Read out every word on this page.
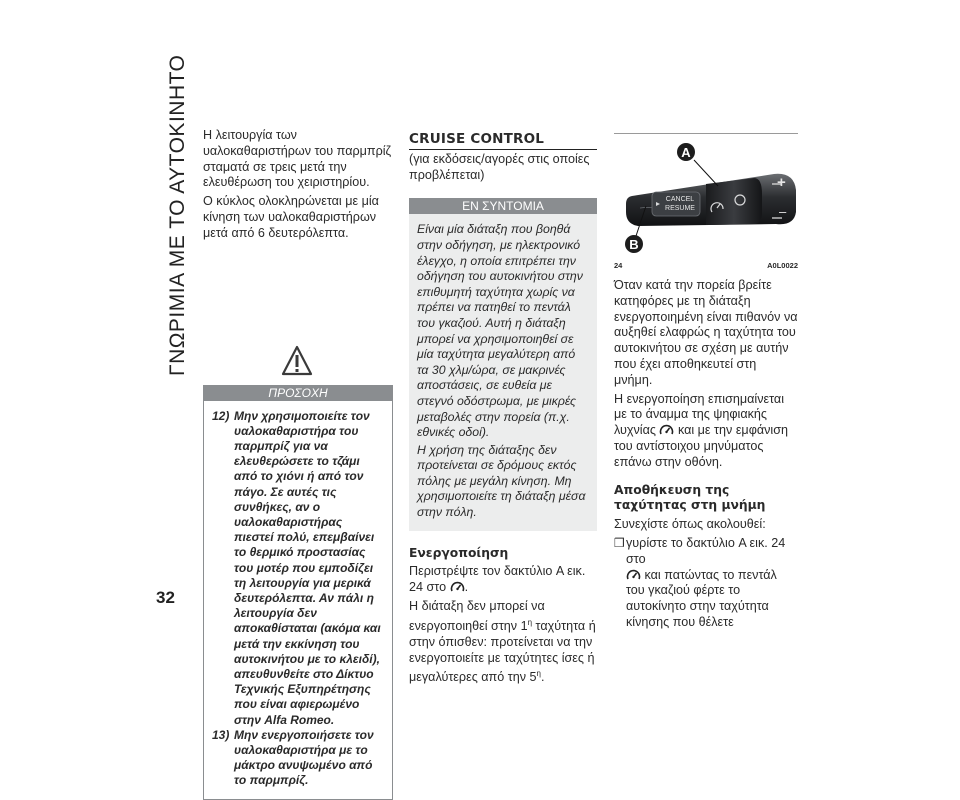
ΓΝΩΡΙΜΙΑ ΜΕ ΤΟ ΑΥΤΟΚΙΝΗΤΟ
32

Η λειτουργία των υαλοκαθαριστήρων του παρμπρίζ σταματά σε τρεις μετά την ελευθέρωση του χειριστηρίου.

Ο κύκλος ολοκληρώνεται με μία κίνηση των υαλοκαθαριστήρων μετά από 6 δευτερόλεπτα.

ΠΡΟΣΟΧΗ
12) Μην χρησιμοποιείτε τον υαλοκαθαριστήρα του παρμπρίζ για να ελευθερώσετε το τζάμι από το χιόνι ή από τον πάγο. Σε αυτές τις συνθήκες, αν ο υαλοκαθαριστήρας πιεστεί πολύ, επεμβαίνει το θερμικό προστασίας του μοτέρ που εμποδίζει τη λειτουργία για μερικά δευτερόλεπτα. Αν πάλι η λειτουργία δεν αποκαθίσταται (ακόμα και μετά την εκκίνηση του αυτοκινήτου με το κλειδί), απευθυνθείτε στο Δίκτυο Τεχνικής Εξυπηρέτησης που είναι αφιερωμένο στην Alfa Romeo.
13) Μην ενεργοποιήσετε τον υαλοκαθαριστήρα με το μάκτρο ανυψωμένο από το παρμπρίζ.
CRUISE CONTROL

(για εκδόσεις/αγορές στις οποίες προβλέπεται)

ΕΝ ΣΥΝΤΟΜΙΑ

Είναι μία διάταξη που βοηθά στην οδήγηση, με ηλεκτρονικό έλεγχο, η οποία επιτρέπει την οδήγηση του αυτοκινήτου στην επιθυμητή ταχύτητα χωρίς να πρέπει να πατηθεί το πεντάλ του γκαζιού. Αυτή η διάταξη μπορεί να χρησιμοποιηθεί σε μία ταχύτητα μεγαλύτερη από τα 30 χλμ/ώρα, σε μακρινές αποστάσεις, σε ευθεία με στεγνό οδόστρωμα, με μικρές μεταβολές στην πορεία (π.χ. εθνικές οδοί).

Η χρήση της διάταξης δεν προτείνεται σε δρόμους εκτός πόλης με μεγάλη κίνηση. Μη χρησιμοποιείτε τη διάταξη μέσα στην πόλη.

Ενεργοποίηση

Περιστρέψτε τον δακτύλιο A εικ. 24 στο .

Η διάταξη δεν μπορεί να ενεργοποιηθεί στην $1^\eta$ ταχύτητα ή στην όπισθεν: προτείνεται να την ενεργοποιείτε με ταχύτητες ίσες ή μεγαλύτερες από την $5^\eta$.

CANCEL
RESUME
+
–
A
B
24	A0L0022

Όταν κατά την πορεία βρείτε κατηφόρες με τη διάταξη ενεργοποιημένη είναι πιθανόν να αυξηθεί ελαφρώς η ταχύτητα του αυτοκινήτου σε σχέση με αυτήν που έχει αποθηκευτεί στη μνήμη.

Η ενεργοποίηση επισημαίνεται με το άναμμα της ψηφιακής λυχνίας και με την εμφάνιση του αντίστοιχου μηνύματος επάνω στην οθόνη.

Αποθήκευση της ταχύτητας στη μνήμη

Συνεχίστε όπως ακολουθεί:

❒ γυρίστε το δακτύλιο A εικ. 24 στο
και πατώντας το πεντάλ του γκαζιού φέρτε το αυτοκίνητο στην ταχύτητα κίνησης που θέλετε
